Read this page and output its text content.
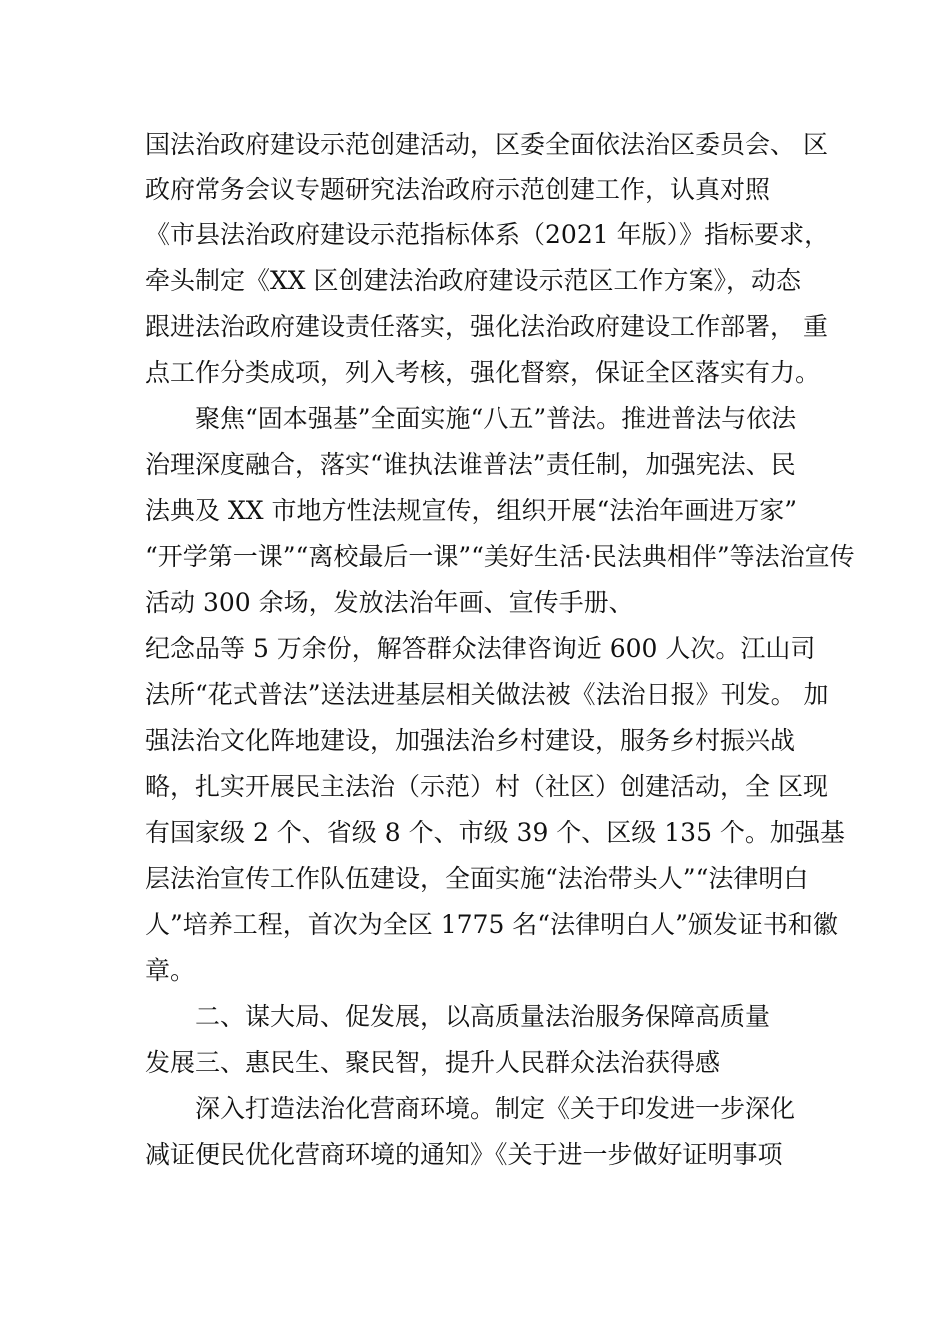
国法治政府建设示范创建活动，区委全面依法治区委员会、 区

政府常务会议专题研究法治政府示范创建工作，认真对照

《市县法治政府建设示范指标体系（2021 年版）》指标要求，

牵头制定《XX 区创建法治政府建设示范区工作方案》，动态

跟进法治政府建设责任落实，强化法治政府建设工作部署， 重

点工作分类成项，列入考核，强化督察，保证全区落实有力。

聚焦“固本强基”全面实施“八五”普法。推进普法与依法

治理深度融合，落实“谁执法谁普法”责任制，加强宪法、民

法典及 XX 市地方性法规宣传，组织开展“法治年画进万家”

“开学第一课”“离校最后一课”“美好生活·民法典相伴”等法治宣传

活动 300 余场，发放法治年画、宣传手册、

纪念品等 5 万余份，解答群众法律咨询近 600 人次。江山司

法所“花式普法”送法进基层相关做法被《法治日报》刊发。 加

强法治文化阵地建设，加强法治乡村建设，服务乡村振兴战

略，扎实开展民主法治（示范）村（社区）创建活动，全 区现

有国家级 2 个、省级 8 个、市级 39 个、区级 135 个。加强基

层法治宣传工作队伍建设，全面实施“法治带头人”“法律明白

人”培养工程，首次为全区 1775 名“法律明白人”颁发证书和徽

章。

二、谋大局、促发展，以高质量法治服务保障高质量

发展三、惠民生、聚民智，提升人民群众法治获得感

深入打造法治化营商环境。制定《关于印发进一步深化

减证便民优化营商环境的通知》《关于进一步做好证明事项
